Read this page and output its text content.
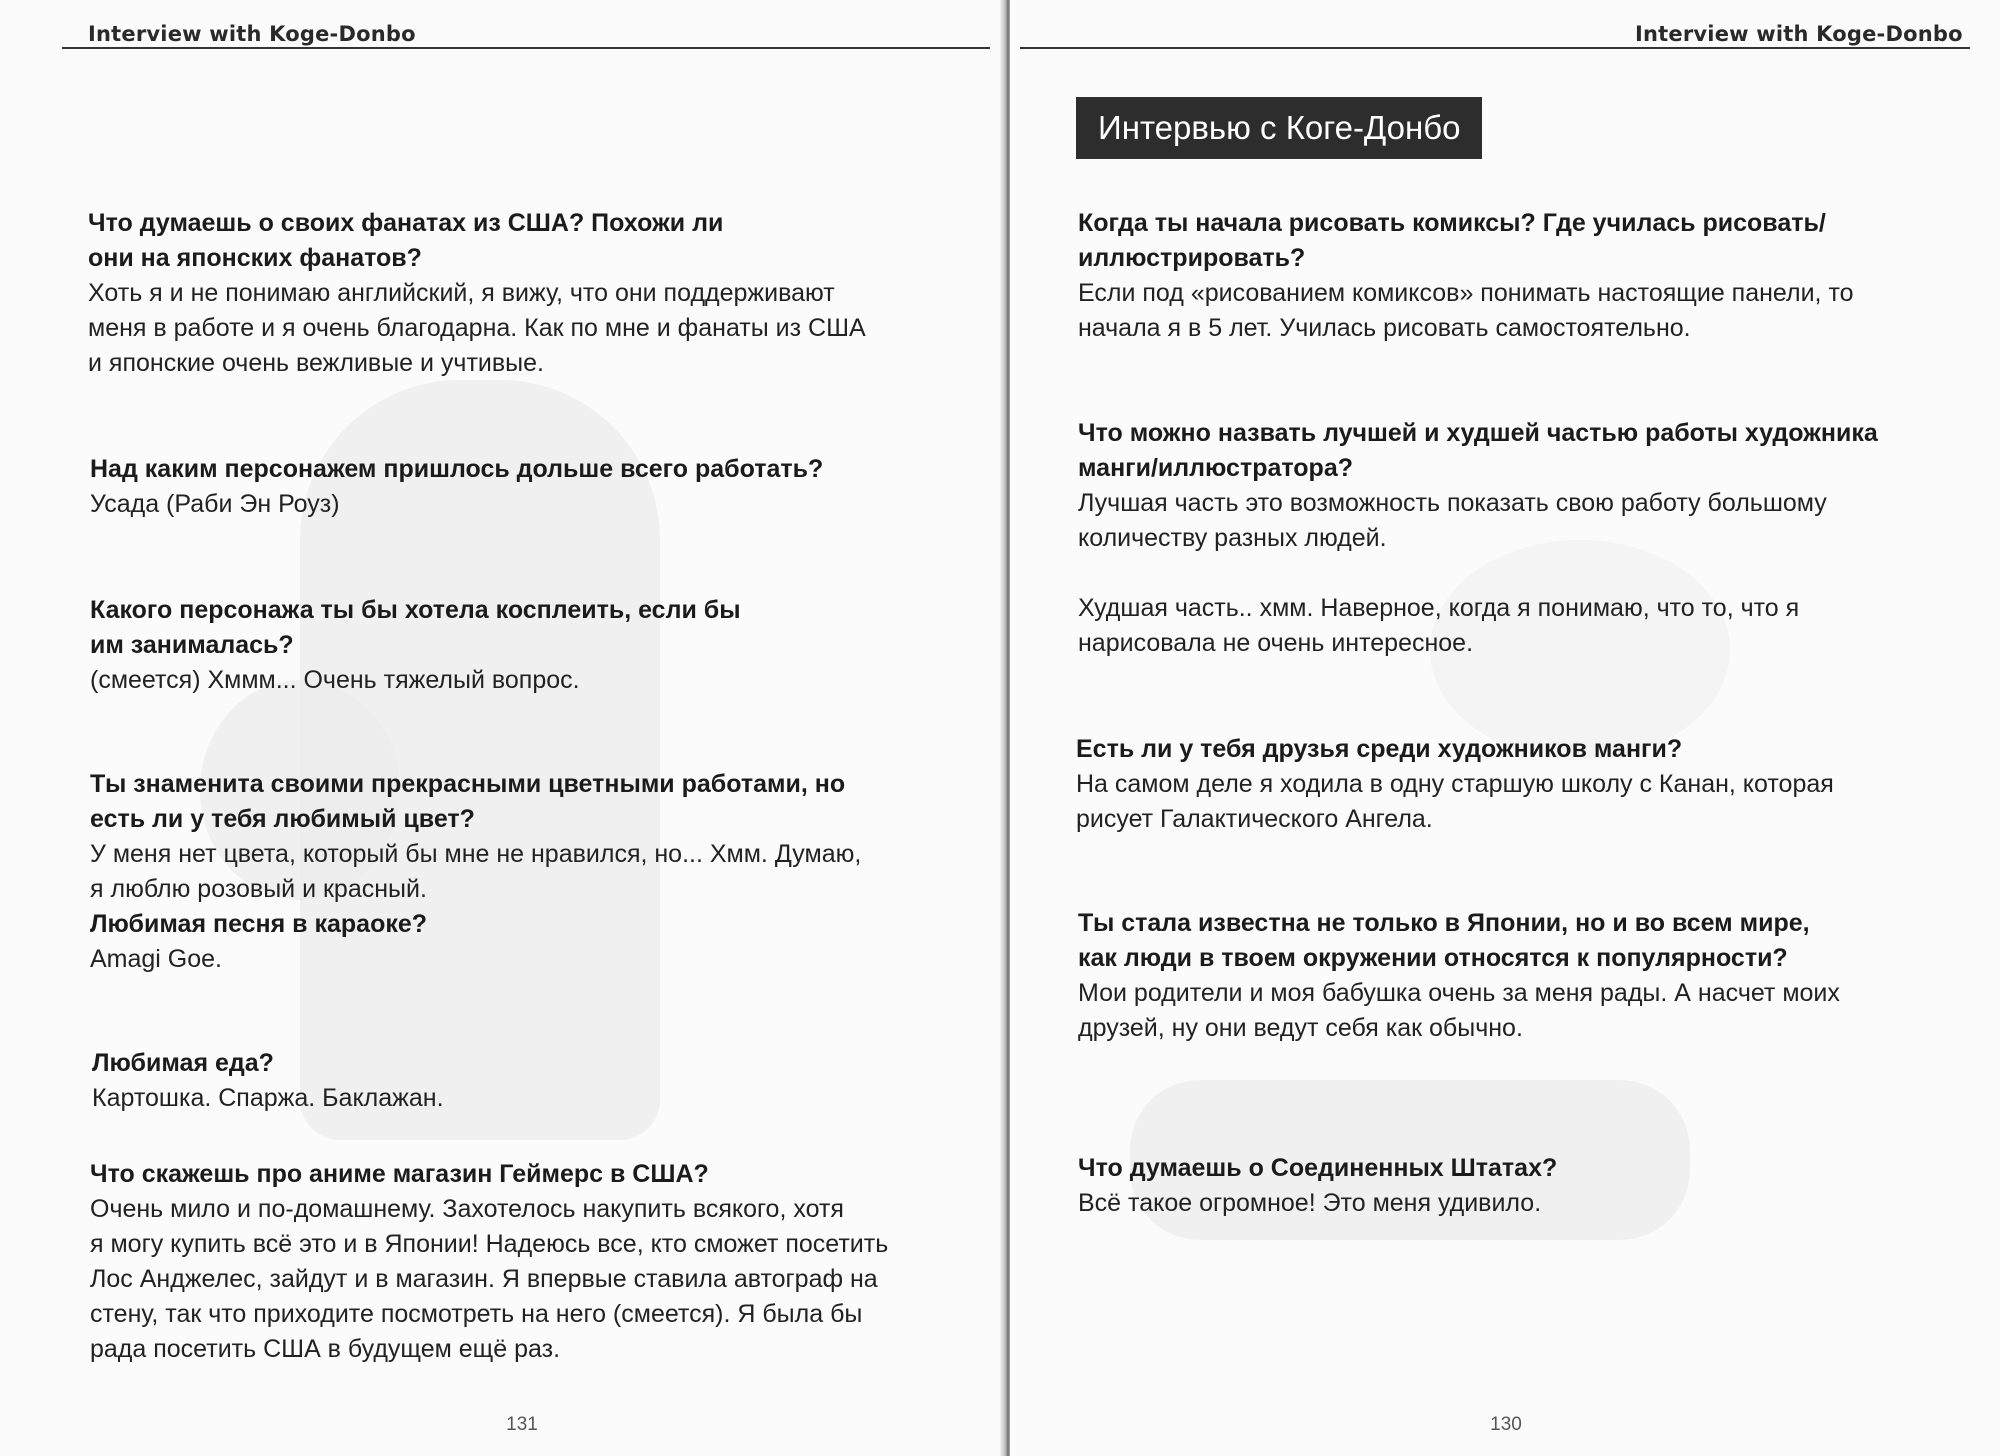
Interview with Koge-Donbo

Что думаешь о своих фанатах из США? Похожи ли
они на японских фанатов?

Хоть я и не понимаю английский, я вижу, что они поддерживают
меня в работе и я очень благодарна. Как по мне и фанаты из США
и японские очень вежливые и учтивые.

Над каким персонажем пришлось дольше всего работать?

Усада (Раби Эн Роуз)

Какого персонажа ты бы хотела косплеить, если бы
им занималась?

(смеется) Хммм... Очень тяжелый вопрос.

Ты знаменита своими прекрасными цветными работами, но
есть ли у тебя любимый цвет?

У меня нет цвета, который бы мне не нравился, но... Хмм. Думаю,
я люблю розовый и красный.

Любимая песня в караоке?

Amagi Goe.

Любимая еда?

Картошка. Спаржа. Баклажан.

Что скажешь про аниме магазин Геймерс в США?

Очень мило и по-домашнему. Захотелось накупить всякого, хотя
я могу купить всё это и в Японии! Надеюсь все, кто сможет посетить
Лос Анджелес, зайдут и в магазин. Я впервые ставила автограф на
стену, так что приходите посмотреть на него (смеется). Я была бы
рада посетить США в будущем ещё раз.

131
Interview with Koge-Donbo
Интервью с Коге-Донбо

Когда ты начала рисовать комиксы? Где училась рисовать/
иллюстрировать?

Если под «рисованием комиксов» понимать настоящие панели, то
начала я в 5 лет. Училась рисовать самостоятельно.

Что можно назвать лучшей и худшей частью работы художника
манги/иллюстратора?

Лучшая часть это возможность показать свою работу большому
количеству разных людей.

Худшая часть.. хмм. Наверное, когда я понимаю, что то, что я
нарисовала не очень интересное.

Есть ли у тебя друзья среди художников манги?

На самом деле я ходила в одну старшую школу с Канан, которая
рисует Галактического Ангела.

Ты стала известна не только в Японии, но и во всем мире,
как люди в твоем окружении относятся к популярности?

Мои родители и моя бабушка очень за меня рады. А насчет моих
друзей, ну они ведут себя как обычно.

Что думаешь о Соединенных Штатах?

Всё такое огромное! Это меня удивило.

130
